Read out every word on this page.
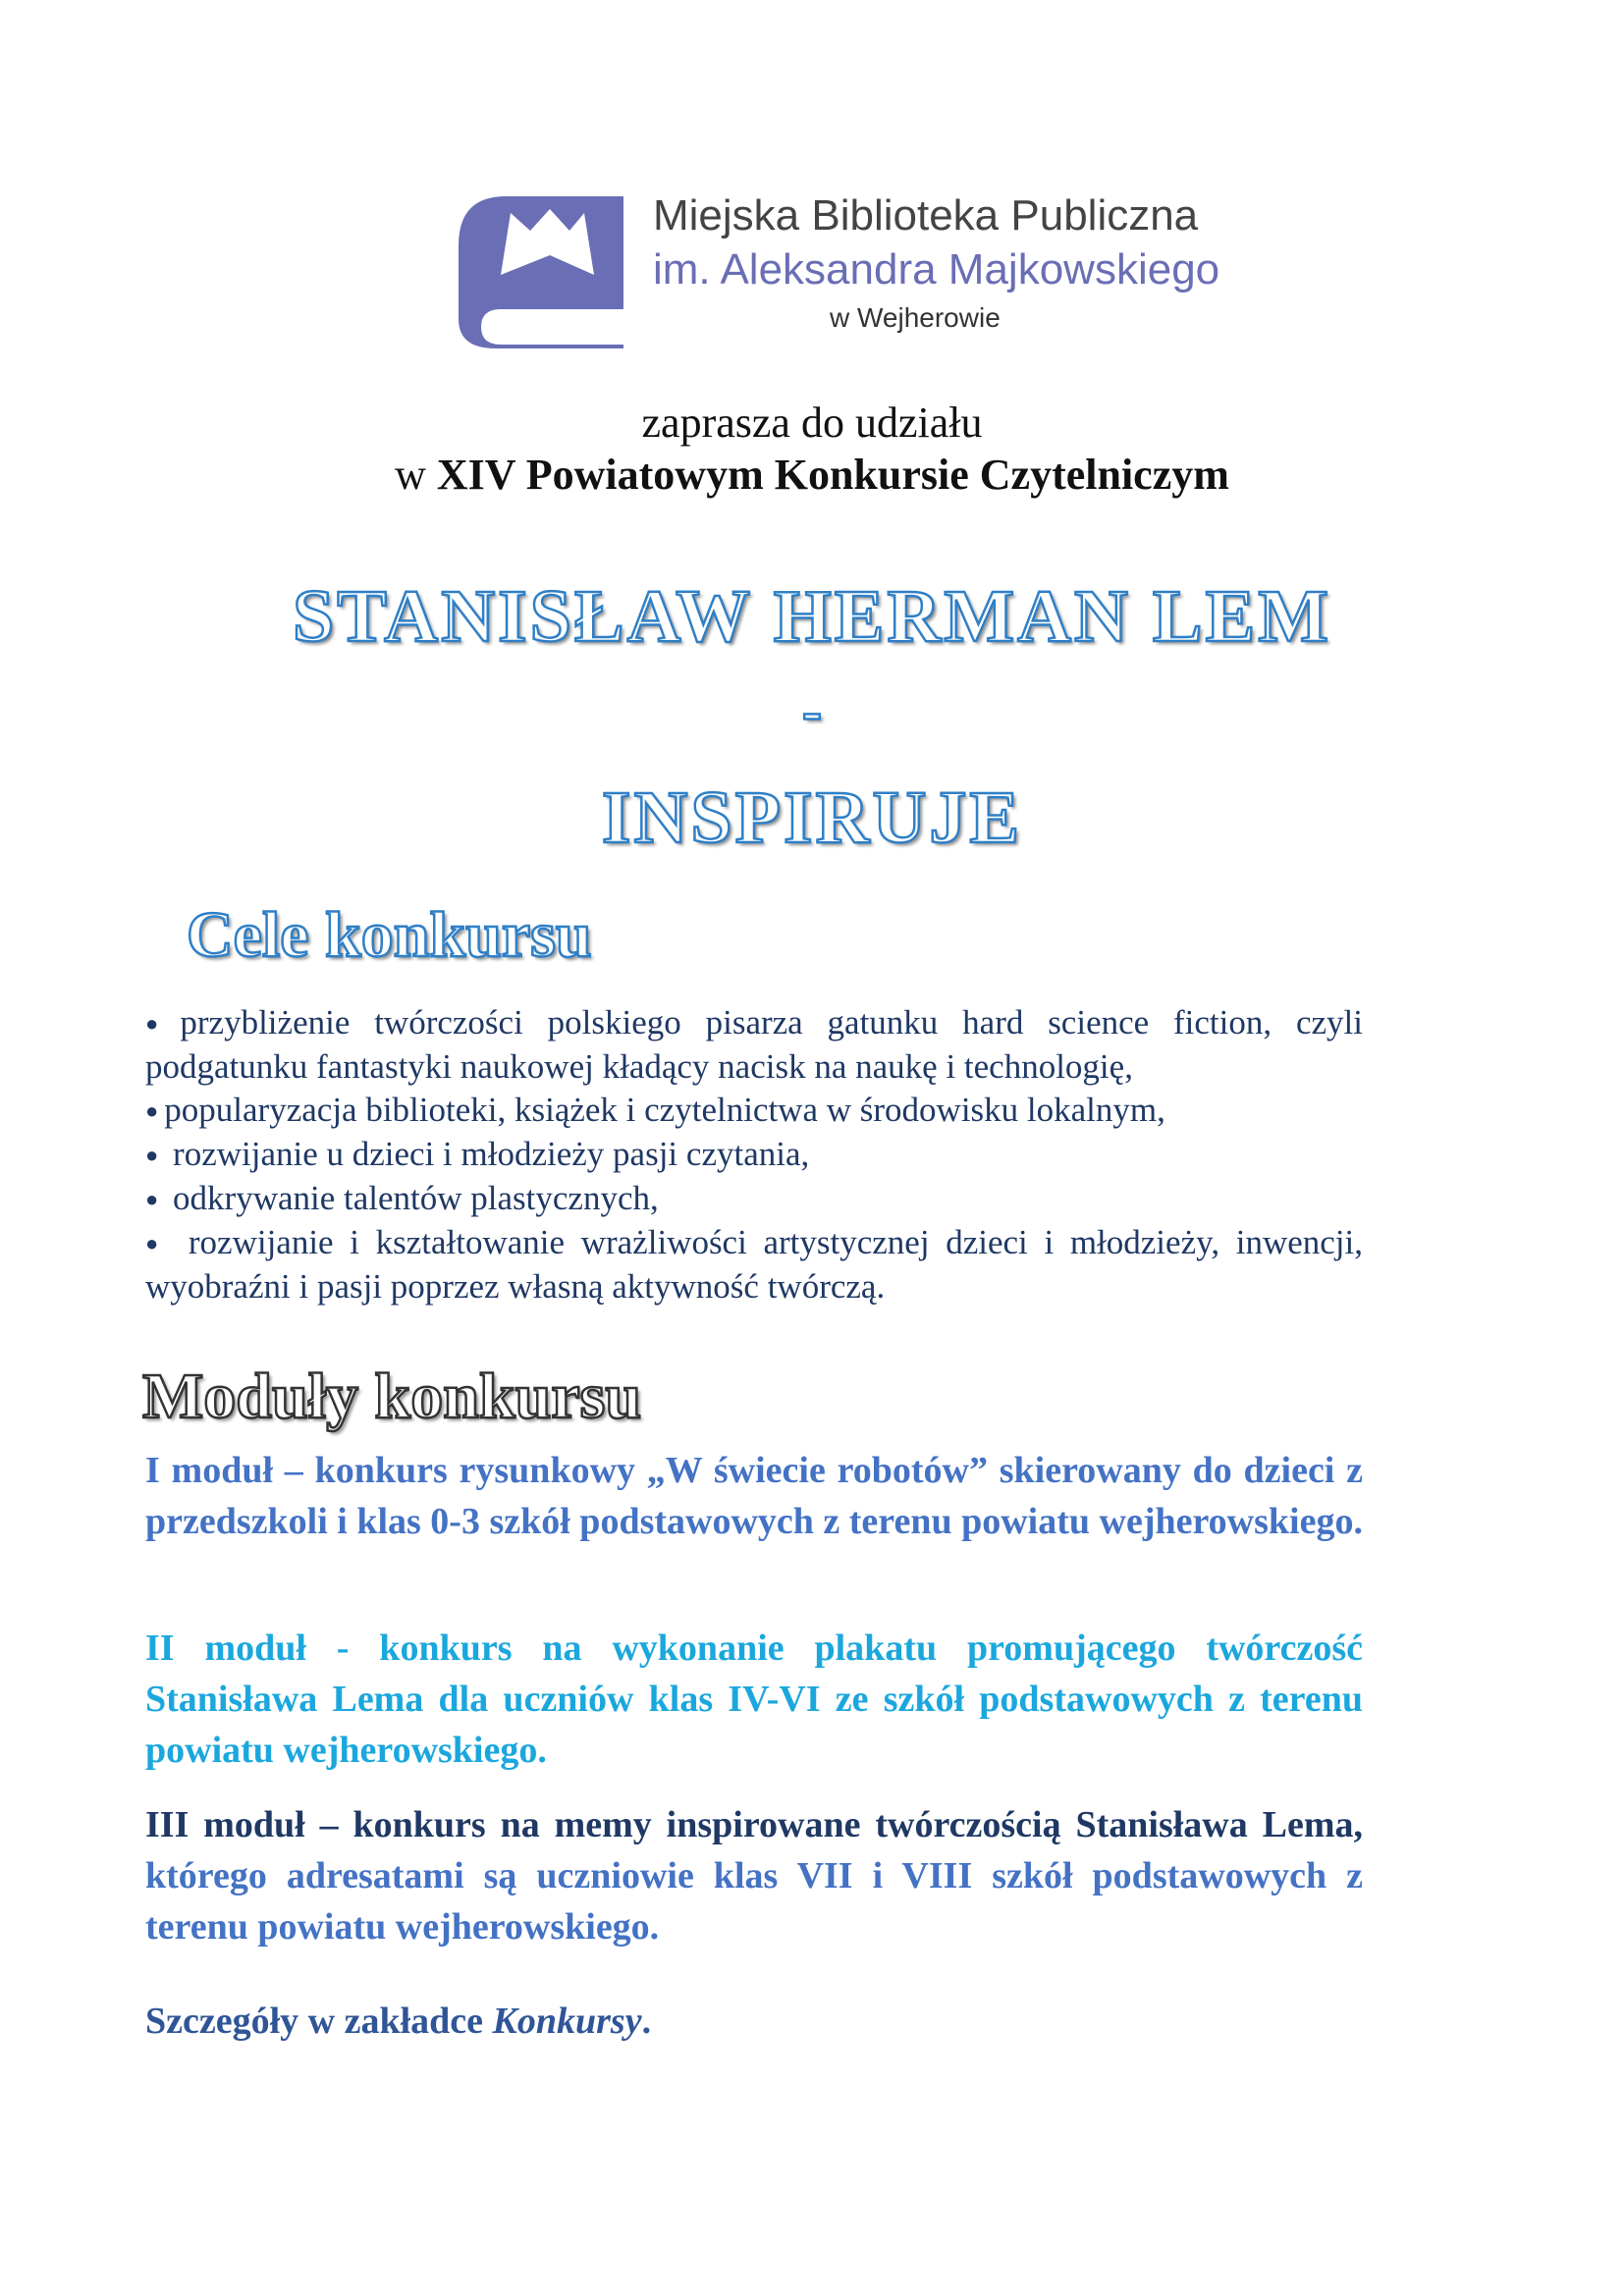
Miejska Biblioteka Publiczna
im. Aleksandra Majkowskiego
w Wejherowie
zaprasza do udziału
w XIV Powiatowym Konkursie Czytelniczym
STANISŁAW HERMAN LEM
-
INSPIRUJE
Cele konkursu

● przybliżenie twórczości polskiego pisarza gatunku hard science fiction, czyli podgatunku fantastyki naukowej kładący nacisk na naukę i technologię,

● popularyzacja biblioteki, książek i czytelnictwa w środowisku lokalnym,

● rozwijanie u dzieci i młodzieży pasji czytania,

● odkrywanie talentów plastycznych,

● rozwijanie i kształtowanie wrażliwości artystycznej dzieci i młodzieży, inwencji, wyobraźni i pasji poprzez własną aktywność twórczą.

Moduły konkursu
I moduł – konkurs rysunkowy „W świecie robotów” skierowany do dzieci z przedszkoli i klas 0-3 szkół podstawowych z terenu powiatu wejherowskiego.
II moduł - konkurs na wykonanie plakatu promującego twórczość Stanisława Lema dla uczniów klas IV-VI ze szkół podstawowych z terenu powiatu wejherowskiego.
III moduł – konkurs na memy inspirowane twórczością Stanisława Lema, którego adresatami są uczniowie klas VII i VIII szkół podstawowych z terenu powiatu wejherowskiego.
Szczegóły w zakładce Konkursy.
